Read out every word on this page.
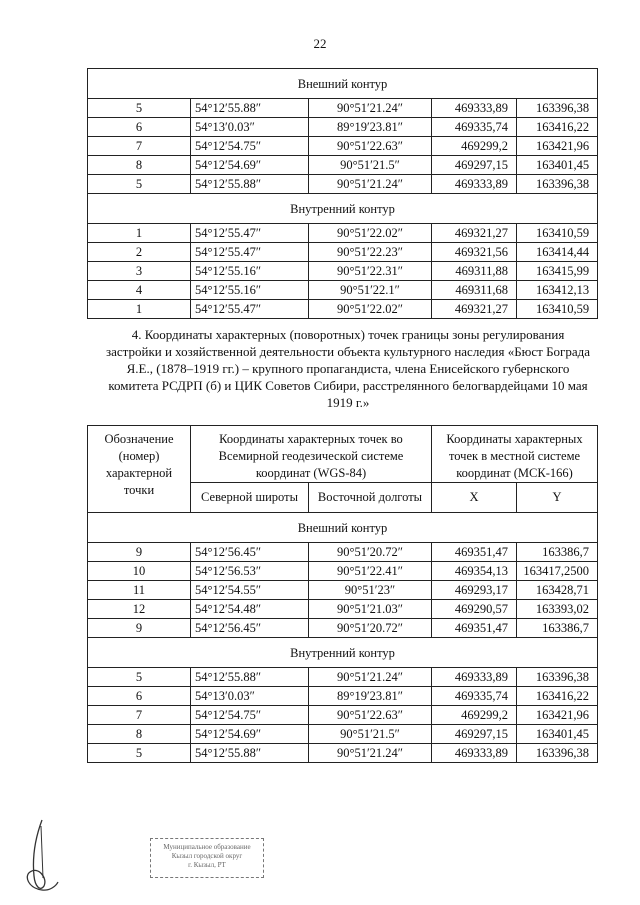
22
Внешний контур				
5	54°12′55.88″	90°51′21.24″	469333,89	163396,38
6	54°13′0.03″	89°19′23.81″	469335,74	163416,22
7	54°12′54.75″	90°51′22.63″	469299,2	163421,96
8	54°12′54.69″	90°51′21.5″	469297,15	163401,45
5	54°12′55.88″	90°51′21.24″	469333,89	163396,38
Внутренний контур				
1	54°12′55.47″	90°51′22.02″	469321,27	163410,59
2	54°12′55.47″	90°51′22.23″	469321,56	163414,44
3	54°12′55.16″	90°51′22.31″	469311,88	163415,99
4	54°12′55.16″	90°51′22.1″	469311,68	163412,13
1	54°12′55.47″	90°51′22.02″	469321,27	163410,59
4. Координаты характерных (поворотных) точек границы зоны регулирования застройки и хозяйственной деятельности объекта культурного наследия «Бюст Бограда Я.Е., (1878–1919 гг.) – крупного пропагандиста, члена Енисейского губернского комитета РСДРП (б) и ЦИК Советов Сибири, расстрелянного белогвардейцами 10 мая 1919 г.»
Обозначение (номер) характерной точки	Координаты характерных точек во Всемирной геодезической системе координат (WGS-84)		Координаты характерных точек в местной системе координат (МСК-166)	
	Северной широты	Восточной долготы	X	Y
Внешний контур				
9	54°12′56.45″	90°51′20.72″	469351,47	163386,7
10	54°12′56.53″	90°51′22.41″	469354,13	163417,2500
11	54°12′54.55″	90°51′23″	469293,17	163428,71
12	54°12′54.48″	90°51′21.03″	469290,57	163393,02
9	54°12′56.45″	90°51′20.72″	469351,47	163386,7
Внутренний контур				
5	54°12′55.88″	90°51′21.24″	469333,89	163396,38
6	54°13′0.03″	89°19′23.81″	469335,74	163416,22
7	54°12′54.75″	90°51′22.63″	469299,2	163421,96
8	54°12′54.69″	90°51′21.5″	469297,15	163401,45
5	54°12′55.88″	90°51′21.24″	469333,89	163396,38
Муниципальное образование
Кызыл городской округ
г. Кызыл, РТ
